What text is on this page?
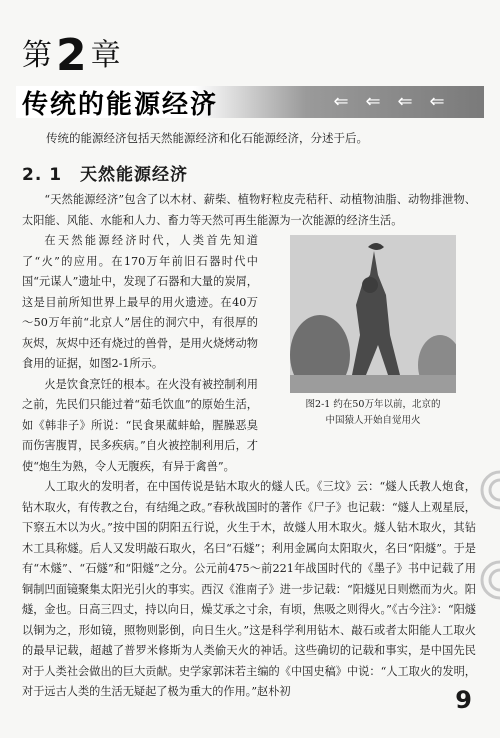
第2章
传统的能源经济	⇐ ⇐ ⇐ ⇐
传统的能源经济包括天然能源经济和化石能源经济，分述于后。
2. 1 天然能源经济

“天然能源经济”包含了以木材、薪柴、植物籽粒皮壳秸秆、动植物油脂、动物排泄物、太阳能、风能、水能和人力、畜力等天然可再生能源为一次能源的经济生活。

图2-1 约在50万年以前，北京的
中国猿人开始自觉用火

在天然能源经济时代，人类首先知道了“火”的应用。在170万年前旧石器时代中国“元谋人”遗址中，发现了石器和大量的炭屑，这是目前所知世界上最早的用火遗迹。在40万～50万年前“北京人”居住的洞穴中，有很厚的灰烬，灰烬中还有烧过的兽骨，是用火烧烤动物食用的证据，如图2-1所示。

火是饮食烹饪的根本。在火没有被控制利用之前，先民们只能过着“茹毛饮血”的原始生活，如《韩非子》所说：“民食果蓏蚌蛤，腥臊恶臭而伤害腹胃，民多疾病。”自火被控制利用后，才使“炮生为熟，令人无腹疾，有异于禽兽”。

人工取火的发明者，在中国传说是钻木取火的燧人氏。《三坟》云：“燧人氏教人炮食，钻木取火，有传教之台，有结绳之政。”春秋战国时的著作《尸子》也记载：“燧人上观星辰，下察五木以为火。”按中国的阴阳五行说，火生于木，故燧人用木取火。燧人钻木取火，其钻木工具称燧。后人又发明敲石取火，名曰“石燧”；利用金属向太阳取火，名曰“阳燧”。于是有“木燧”、“石燧”和“阳燧”之分。公元前475～前221年战国时代的《墨子》书中记载了用铜制凹面镜聚集太阳光引火的事实。西汉《淮南子》进一步记载：“阳燧见日则燃而为火。阳燧，金也。日高三四丈，持以向日，燥艾承之寸余，有顷，焦吸之则得火。”《古今注》：“阳燧以铜为之，形如镜，照物则影倒，向日生火。”这是科学利用钻木、敲石或者太阳能人工取火的最早记载，超越了普罗米修斯为人类偷天火的神话。这些确切的记载和事实，是中国先民对于人类社会做出的巨大贡献。史学家郭沫若主编的《中国史稿》中说：“人工取火的发明，对于远古人类的生活无疑起了极为重大的作用。”赵朴初	9
